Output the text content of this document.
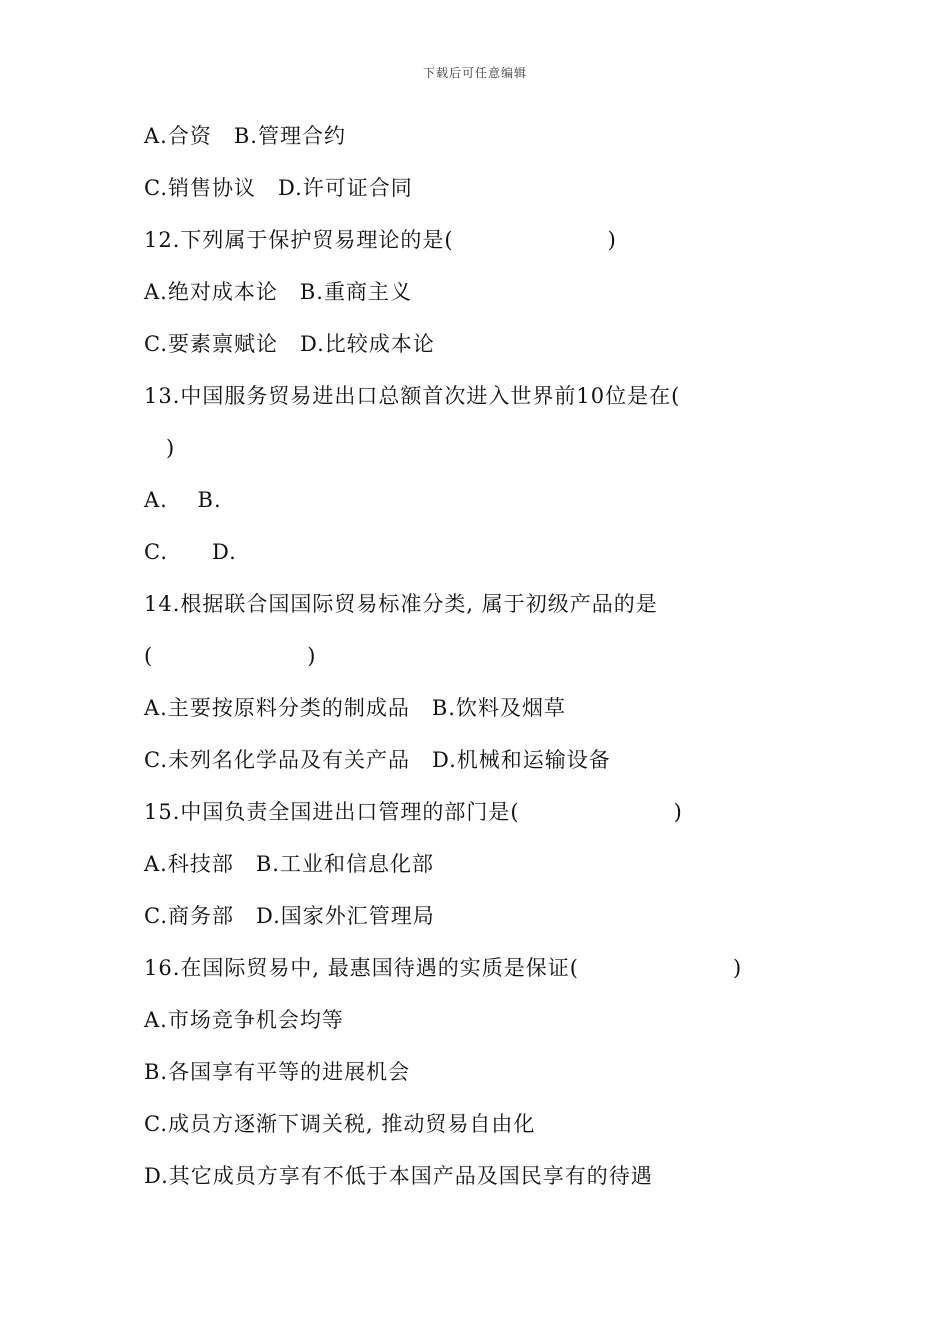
下载后可任意编辑
A.合资　B.管理合约
C.销售协议　D.许可证合同
12.下列属于保护贸易理论的是(　　　　　　　)
A.绝对成本论　B.重商主义
C.要素禀赋论　D.比较成本论
13.中国服务贸易进出口总额首次进入世界前10位是在(
　)
A.　 B.
C.　　D.
14.根据联合国国际贸易标准分类, 属于初级产品的是
(　　　　　　　)
A.主要按原料分类的制成品　B.饮料及烟草
C.未列名化学品及有关产品　D.机械和运输设备
15.中国负责全国进出口管理的部门是(　　　　　　　)
A.科技部　B.工业和信息化部
C.商务部　D.国家外汇管理局
16.在国际贸易中, 最惠国待遇的实质是保证(　　　　　　　)
A.市场竞争机会均等
B.各国享有平等的进展机会
C.成员方逐渐下调关税, 推动贸易自由化
D.其它成员方享有不低于本国产品及国民享有的待遇
